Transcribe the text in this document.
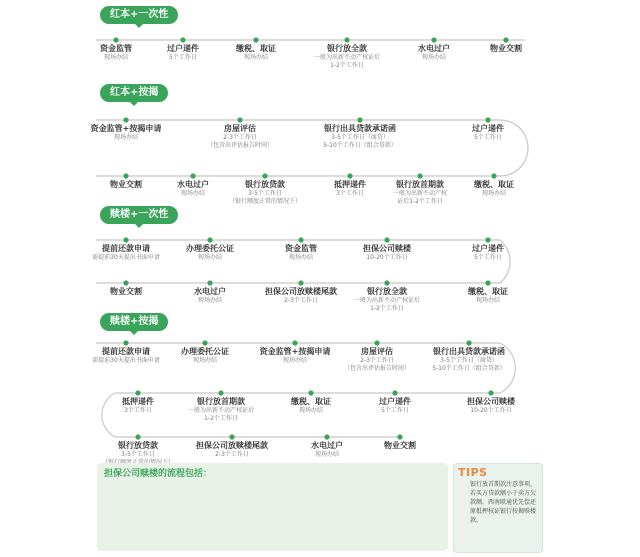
红本+一次性
红本+按揭
赎楼+一次性
赎楼+按揭
资金监管
现场办结
过户递件
5个工作日
缴税、取证
现场办结
银行放全款
一般为出新不动产权证后
1-2个工作日
水电过户
现场办结
物业交割
资金监管+按揭申请
现场办结
房屋评估
2-3个工作日
（包含出评估报告时间）
银行出具贷款承诺函
3-5个工作日（商贷）
5-10个工作日（组合贷款）
过户递件
5个工作日
缴税、取证
现场办结
银行放首期款
一般为出新不动产权
证后1-2个工作日
抵押递件
3个工作日
银行放贷款
3-5个工作日
（银行额度正常的情况下）
水电过户
现场办结
物业交割
提前还款申请
需提前30天提出书面申请
办理委托公证
现场办结
资金监管
现场办结
担保公司赎楼
10-20个工作日
过户递件
5个工作日
缴税、取证
现场办结
银行放全款
一般为出新不动产权证后
1-2个工作日
担保公司放赎楼尾款
2-3个工作日
水电过户
现场办结
物业交割
提前还款申请
需提前30天提出书面申请
办理委托公证
现场办结
资金监管+按揭申请
现场办结
房屋评估
2-3个工作日
（包含出评估报告时间）
银行出具贷款承诺函
3-5个工作日（商贷）
5-10个工作日（组合贷款）
担保公司赎楼
10-20个工作日
过户递件
5个工作日
缴税、取证
现场办结
银行放首期款
一般为出新不动产权证后
1-2个工作日
抵押递件
3个工作日
银行放贷款
3-5个工作日
担保公司放赎楼尾款
2-3个工作日
水电过户
现场办结
物业交割
担保公司赎楼的流程包括：	TIPS
银行放首期款注意事项，若买方贷款额小于卖方欠款额，西南联通优先偿还原抵押权证银行按揭赎楼款。
